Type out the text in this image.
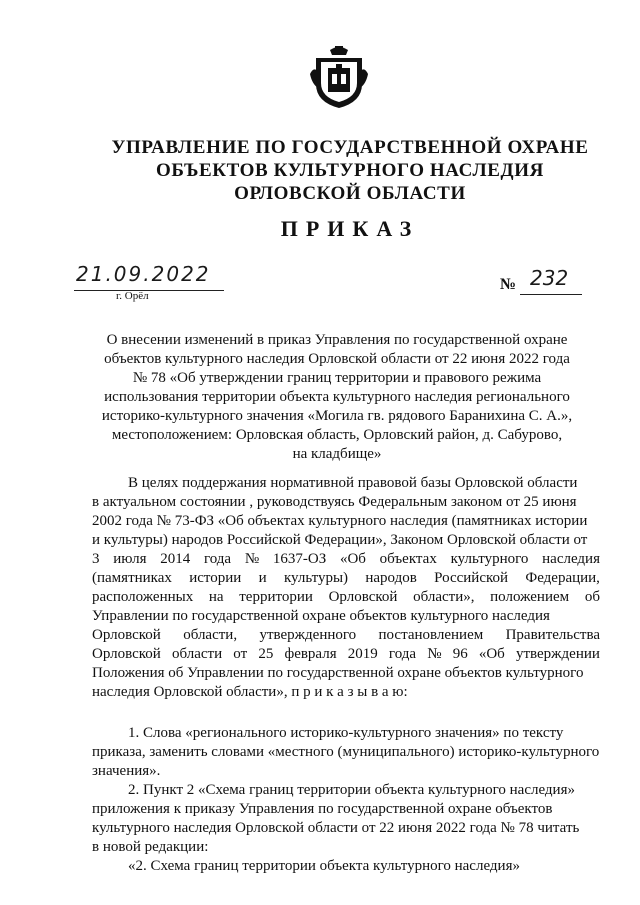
УПРАВЛЕНИЕ ПО ГОСУДАРСТВЕННОЙ ОХРАНЕ
ОБЪЕКТОВ КУЛЬТУРНОГО НАСЛЕДИЯ
ОРЛОВСКОЙ ОБЛАСТИ
ПРИКАЗ
21.09.2022
г. Орёл
№ 232
О внесении изменений в приказ Управления по государственной охране
объектов культурного наследия Орловской области от 22 июня 2022 года
№ 78 «Об утверждении границ территории и правового режима
использования территории объекта культурного наследия регионального
историко-культурного значения «Могила гв. рядового Баранихина С. А.»,
местоположением: Орловская область, Орловский район, д. Сабурово,
на кладбище»
В целях поддержания нормативной правовой базы Орловской области
в актуальном состоянии , руководствуясь Федеральным законом от 25 июня
2002 года № 73-ФЗ «Об объектах культурного наследия (памятниках истории
и культуры) народов Российской Федерации», Законом Орловской области от
3 июля 2014 года № 1637-ОЗ «Об объектах культурного наследия
(памятниках истории и культуры) народов Российской Федерации,
расположенных на территории Орловской области», положением об
Управлении по государственной охране объектов культурного наследия
Орловской области, утвержденного постановлением Правительства
Орловской области от 25 февраля 2019 года № 96 «Об утверждении
Положения об Управлении по государственной охране объектов культурного
наследия Орловской области», п р и к а з ы в а ю:
1. Слова «регионального историко-культурного значения» по тексту
приказа, заменить словами «местного (муниципального) историко-культурного
значения».
2. Пункт 2 «Схема границ территории объекта культурного наследия»
приложения к приказу Управления по государственной охране объектов
культурного наследия Орловской области от 22 июня 2022 года № 78 читать
в новой редакции:
«2. Схема границ территории объекта культурного наследия»
